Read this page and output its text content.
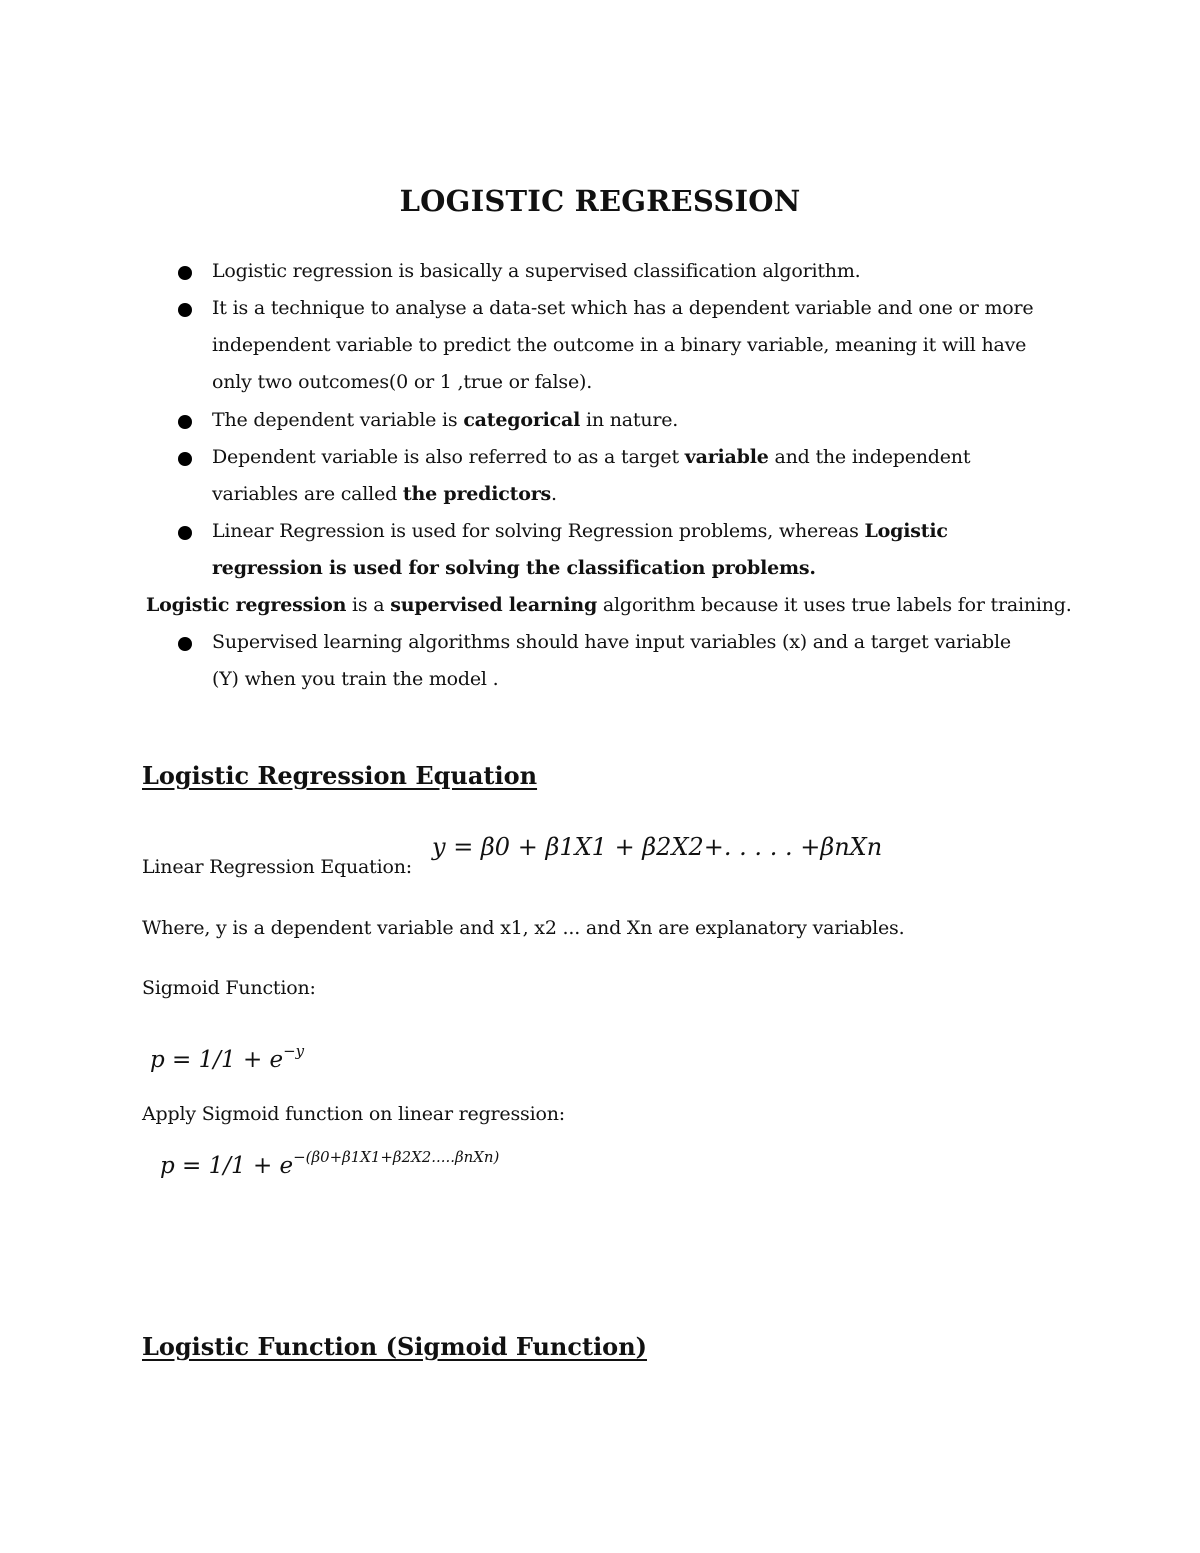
LOGISTIC REGRESSION
Logistic regression is basically a supervised classification algorithm.
It is a technique to analyse a data-set which has a dependent variable and one or more
independent variable to predict the outcome in a binary variable, meaning it will have
only two outcomes(0 or 1 ,true or false).
The dependent variable is categorical in nature.
Dependent variable is also referred to as a target variable and the independent
variables are called the predictors.
Linear Regression is used for solving Regression problems, whereas Logistic
regression is used for solving the classification problems.
Logistic regression is a supervised learning algorithm because it uses true labels for training.
Supervised learning algorithms should have input variables (x) and a target variable
(Y) when you train the model .
Logistic Regression Equation
Linear Regression Equation:
y = β0 + β1X1 + β2X2+. . . . . +βnXn
Where, y is a dependent variable and x1, x2 ... and Xn are explanatory variables.
Sigmoid Function:
$p = 1/1 + e^{-y}$
Apply Sigmoid function on linear regression:
$p = 1/1 + e^{-(\beta 0+\beta 1X1+\beta 2X2.....\beta nXn)}$
Logistic Function (Sigmoid Function)
